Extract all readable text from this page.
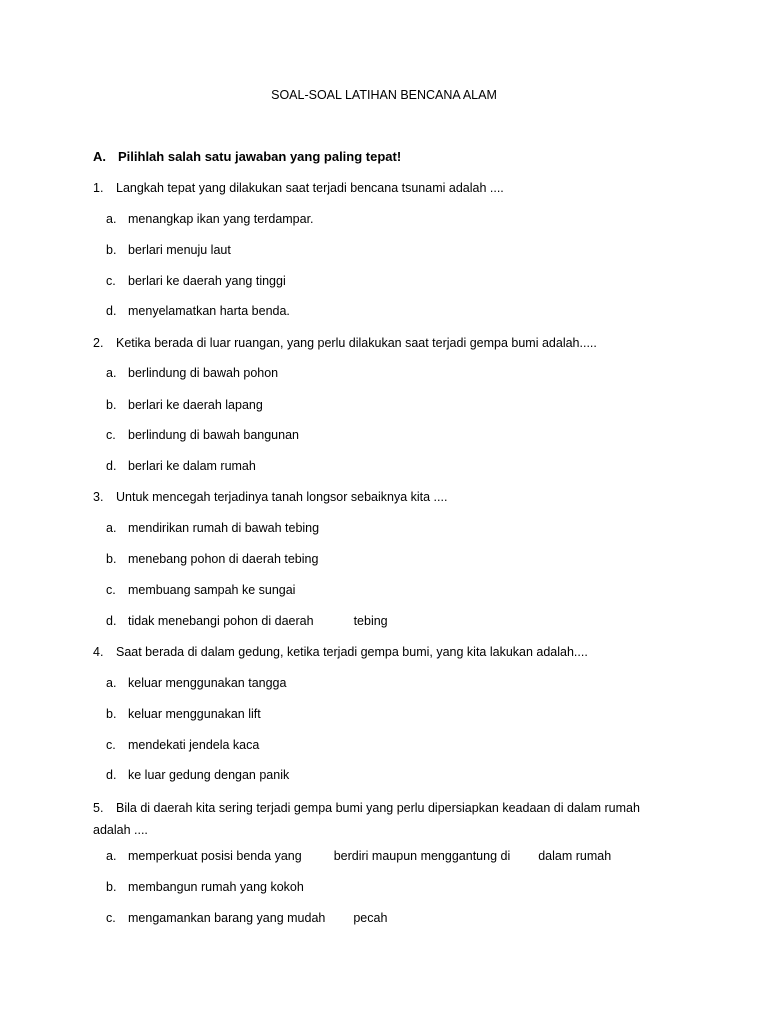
SOAL-SOAL LATIHAN BENCANA ALAM
A. Pilihlah salah satu jawaban yang paling tepat!
1. Langkah tepat yang dilakukan saat terjadi bencana tsunami adalah ....
a. menangkap ikan yang terdampar.
b. berlari menuju laut
c. berlari ke daerah yang tinggi
d. menyelamatkan harta benda.
2. Ketika berada di luar ruangan, yang perlu dilakukan saat terjadi gempa bumi adalah.....
a. berlindung di bawah pohon
b. berlari ke daerah lapang
c. berlindung di bawah bangunan
d. berlari ke dalam rumah
3. Untuk mencegah terjadinya tanah longsor sebaiknya kita ....
a. mendirikan rumah di bawah tebing
b. menebang pohon di daerah tebing
c. membuang sampah ke sungai
d. tidak menebangi pohon di daerah	tebing
4. Saat berada di dalam gedung, ketika terjadi gempa bumi, yang kita lakukan adalah....
a. keluar menggunakan tangga
b. keluar menggunakan lift
c. mendekati jendela kaca
d. ke luar gedung dengan panik
5. Bila di daerah kita sering terjadi gempa bumi yang perlu dipersiapkan keadaan di dalam rumah
adalah ....
a. memperkuat posisi benda yang	berdiri maupun menggantung di dalam rumah
b. membangun rumah yang kokoh
c. mengamankan barang yang mudah pecah
